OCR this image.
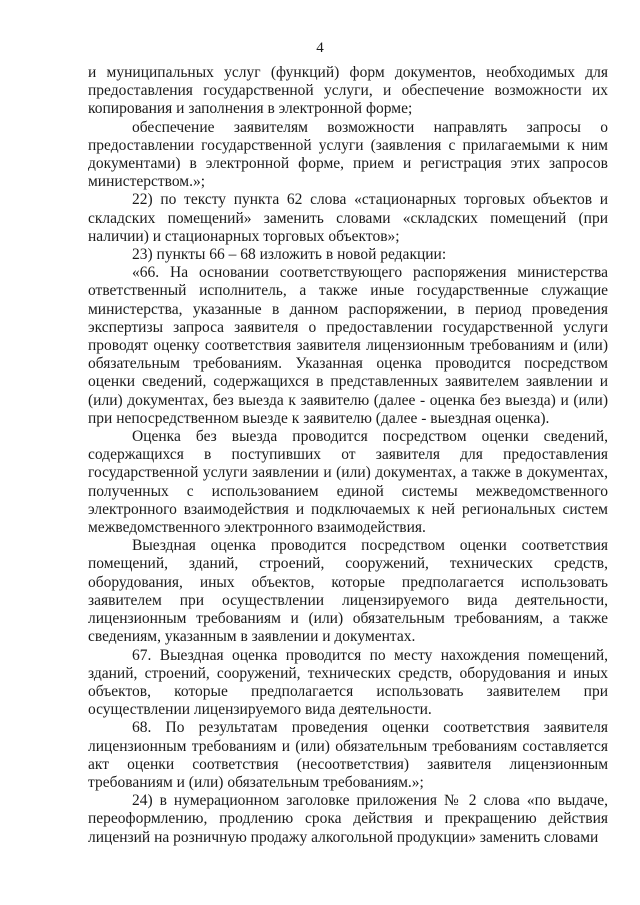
4

и муниципальных услуг (функций) форм документов, необходимых для предоставления государственной услуги, и обеспечение возможности их копирования и заполнения в электронной форме;

обеспечение заявителям возможности направлять запросы о предоставлении государственной услуги (заявления с прилагаемыми к ним документами) в электронной форме, прием и регистрация этих запросов министерством.»;

22) по тексту пункта 62 слова «стационарных торговых объектов и складских помещений» заменить словами «складских помещений (при наличии) и стационарных торговых объектов»;

23) пункты 66 – 68 изложить в новой редакции:

«66. На основании соответствующего распоряжения министерства ответственный исполнитель, а также иные государственные служащие министерства, указанные в данном распоряжении, в период проведения экспертизы запроса заявителя о предоставлении государственной услуги проводят оценку соответствия заявителя лицензионным требованиям и (или) обязательным требованиям. Указанная оценка проводится посредством оценки сведений, содержащихся в представленных заявителем заявлении и (или) документах, без выезда к заявителю (далее - оценка без выезда) и (или) при непосредственном выезде к заявителю (далее - выездная оценка).

Оценка без выезда проводится посредством оценки сведений, содержащихся в поступивших от заявителя для предоставления государственной услуги заявлении и (или) документах, а также в документах, полученных с использованием единой системы межведомственного электронного взаимодействия и подключаемых к ней региональных систем межведомственного электронного взаимодействия.

Выездная оценка проводится посредством оценки соответствия помещений, зданий, строений, сооружений, технических средств, оборудования, иных объектов, которые предполагается использовать заявителем при осуществлении лицензируемого вида деятельности, лицензионным требованиям и (или) обязательным требованиям, а также сведениям, указанным в заявлении и документах.

67. Выездная оценка проводится по месту нахождения помещений, зданий, строений, сооружений, технических средств, оборудования и иных объектов, которые предполагается использовать заявителем при осуществлении лицензируемого вида деятельности.

68. По результатам проведения оценки соответствия заявителя лицензионным требованиям и (или) обязательным требованиям составляется акт оценки соответствия (несоответствия) заявителя лицензионным требованиям и (или) обязательным требованиям.»;

24) в нумерационном заголовке приложения № 2 слова «по выдаче, переоформлению, продлению срока действия и прекращению действия лицензий на розничную продажу алкогольной продукции» заменить словами
